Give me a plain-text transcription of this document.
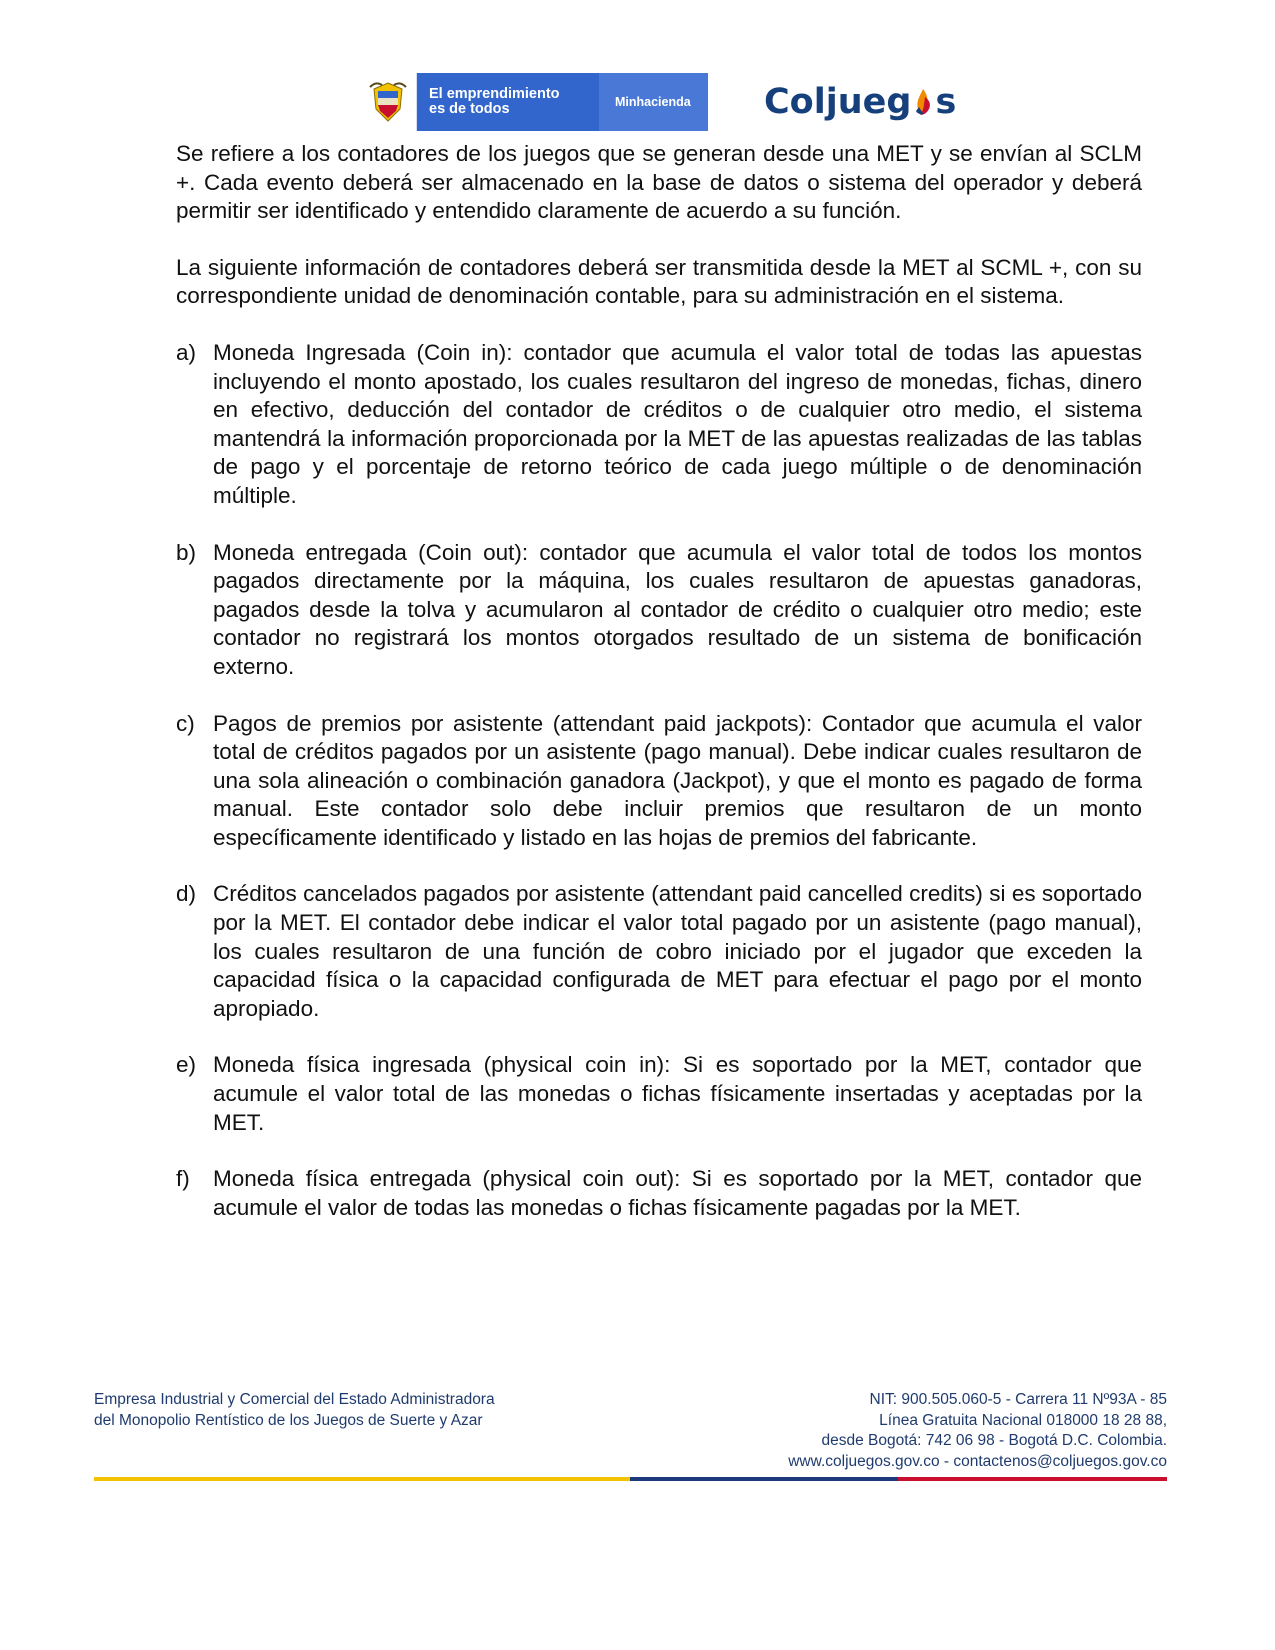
El emprendimiento
es de todos	Minhacienda	Coljueg s

Se refiere a los contadores de los juegos que se generan desde una MET y se envían al SCLM +. Cada evento deberá ser almacenado en la base de datos o sistema del operador y deberá permitir ser identificado y entendido claramente de acuerdo a su función.

La siguiente información de contadores deberá ser transmitida desde la MET al SCML +, con su correspondiente unidad de denominación contable, para su administración en el sistema.

a) Moneda Ingresada (Coin in): contador que acumula el valor total de todas las apuestas incluyendo el monto apostado, los cuales resultaron del ingreso de monedas, fichas, dinero en efectivo, deducción del contador de créditos o de cualquier otro medio, el sistema mantendrá la información proporcionada por la MET de las apuestas realizadas de las tablas de pago y el porcentaje de retorno teórico de cada juego múltiple o de denominación múltiple.
b) Moneda entregada (Coin out): contador que acumula el valor total de todos los montos pagados directamente por la máquina, los cuales resultaron de apuestas ganadoras, pagados desde la tolva y acumularon al contador de crédito o cualquier otro medio; este contador no registrará los montos otorgados resultado de un sistema de bonificación externo.
c) Pagos de premios por asistente (attendant paid jackpots): Contador que acumula el valor total de créditos pagados por un asistente (pago manual). Debe indicar cuales resultaron de una sola alineación o combinación ganadora (Jackpot), y que el monto es pagado de forma manual. Este contador solo debe incluir premios que resultaron de un monto específicamente identificado y listado en las hojas de premios del fabricante.
d) Créditos cancelados pagados por asistente (attendant paid cancelled credits) si es soportado por la MET. El contador debe indicar el valor total pagado por un asistente (pago manual), los cuales resultaron de una función de cobro iniciado por el jugador que exceden la capacidad física o la capacidad configurada de MET para efectuar el pago por el monto apropiado.
e) Moneda física ingresada (physical coin in): Si es soportado por la MET, contador que acumule el valor total de las monedas o fichas físicamente insertadas y aceptadas por la MET.
f) Moneda física entregada (physical coin out): Si es soportado por la MET, contador que acumule el valor de todas las monedas o fichas físicamente pagadas por la MET.
Empresa Industrial y Comercial del Estado Administradora
del Monopolio Rentístico de los Juegos de Suerte y Azar
NIT: 900.505.060-5 - Carrera 11 Nº93A - 85
Línea Gratuita Nacional 018000 18 28 88,
desde Bogotá: 742 06 98 - Bogotá D.C. Colombia.
www.coljuegos.gov.co - contactenos@coljuegos.gov.co
